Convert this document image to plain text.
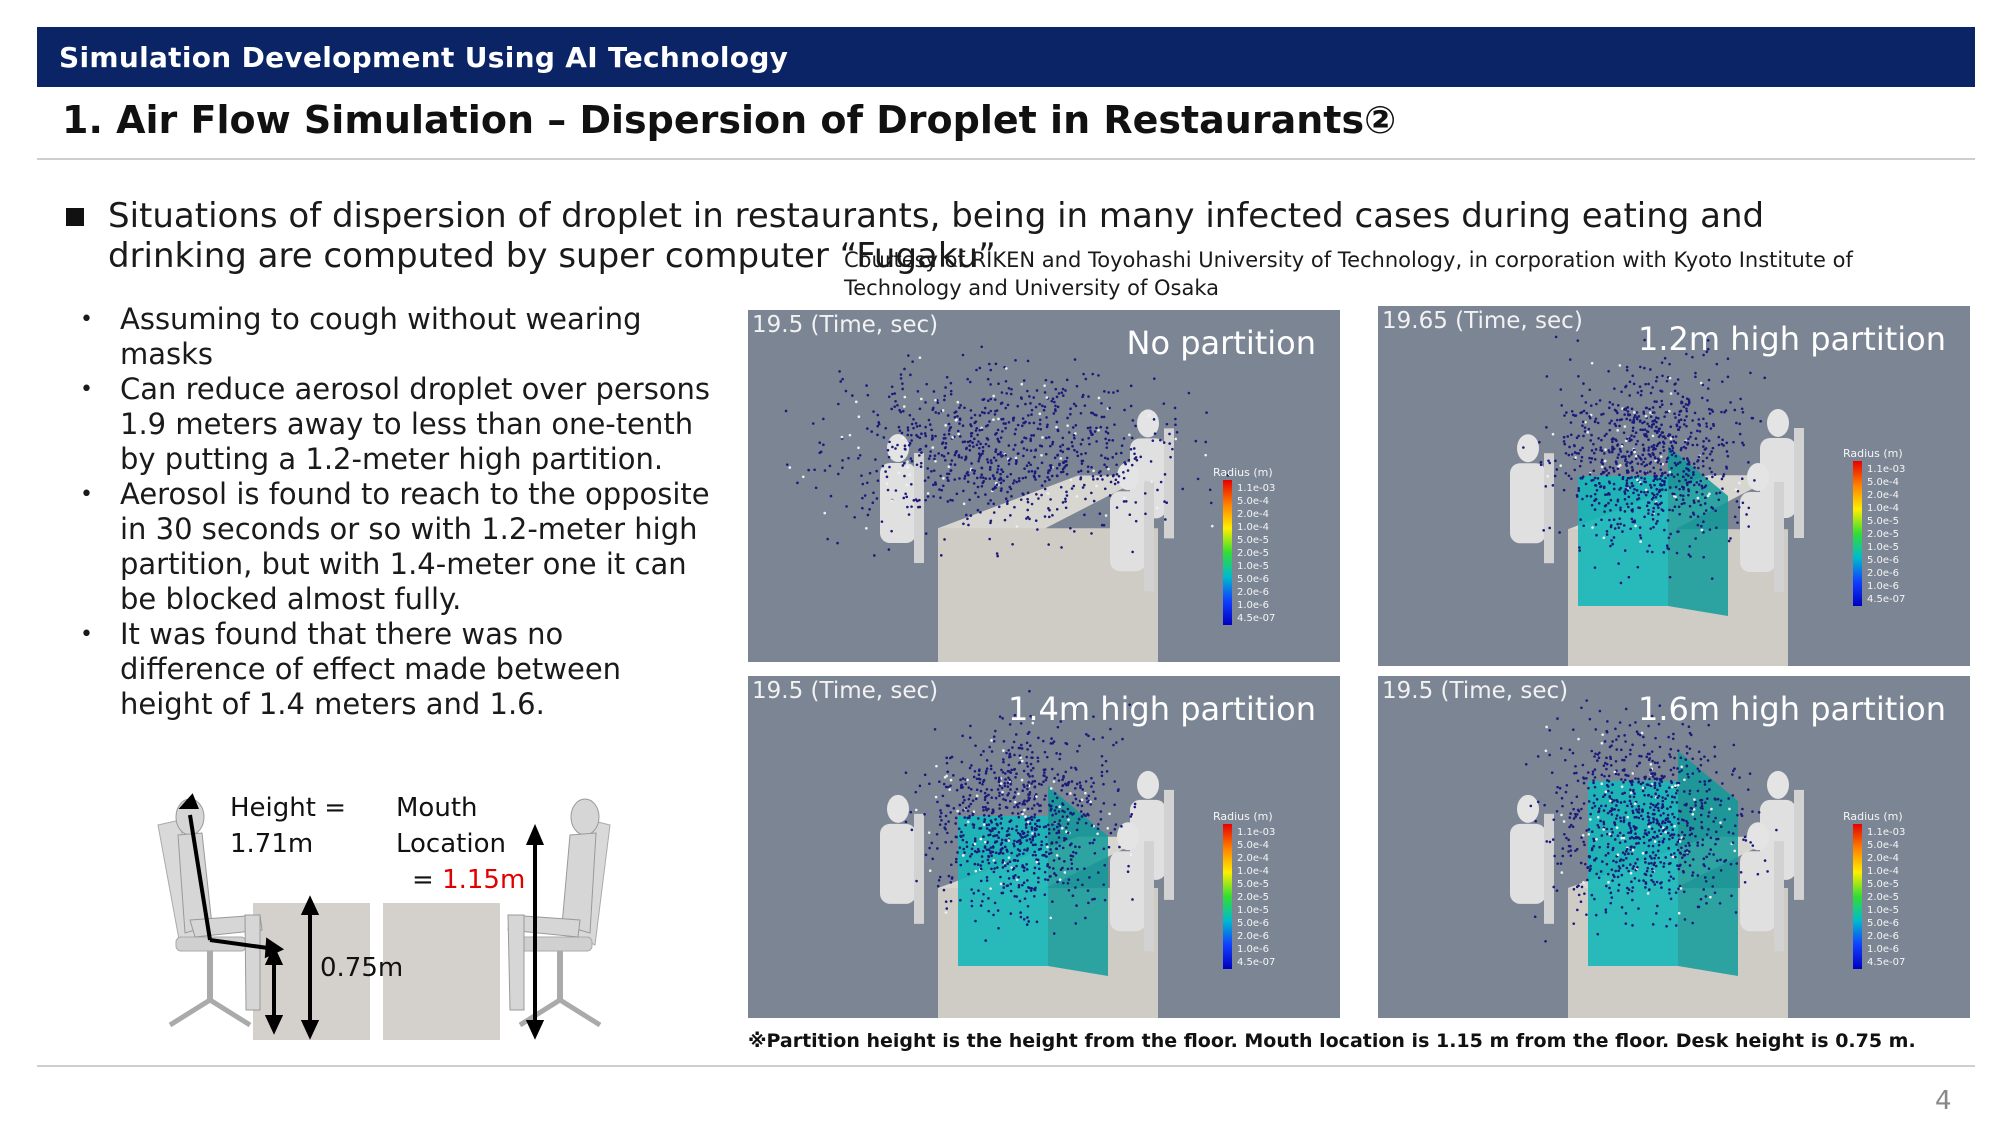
Simulation Development Using AI Technology
1. Air Flow Simulation – Dispersion of Droplet in Restaurants②
Situations of dispersion of droplet in restaurants, being in many infected cases during eating and drinking are computed by super computer “Fugaku”
Courtesy of RIKEN and Toyohashi University of Technology, in corporation with Kyoto Institute of Technology and University of Osaka
• Assuming to cough without wearing masks
• Can reduce aerosol droplet over persons 1.9 meters away to less than one-tenth by putting a 1.2-meter high partition.
• Aerosol is found to reach to the opposite in 30 seconds or so with 1.2-meter high partition, but with 1.4-meter one it can be blocked almost fully.
• It was found that there was no difference of effect made between height of 1.4 meters and 1.6.
Height =
1.71m
Mouth
Location
= 1.15m
0.75m
19.5 (Time, sec)	No partition
Radius (m)
1.1e-03
5.0e-4
2.0e-4
1.0e-4
5.0e-5
2.0e-5
1.0e-5
5.0e-6
2.0e-6
1.0e-6
4.5e-07
19.65 (Time, sec) 1.2m high partition
Radius (m)
1.1e-03
5.0e-4
2.0e-4
1.0e-4
5.0e-5
2.0e-5
1.0e-5
5.0e-6
2.0e-6
1.0e-6
4.5e-07
19.5 (Time, sec) 1.4m high partition
Radius (m)
1.1e-03
5.0e-4
2.0e-4
1.0e-4
5.0e-5
2.0e-5
1.0e-5
5.0e-6
2.0e-6
1.0e-6
4.5e-07
19.5 (Time, sec) 1.6m high partition
Radius (m)
1.1e-03
5.0e-4
2.0e-4
1.0e-4
5.0e-5
2.0e-5
1.0e-5
5.0e-6
2.0e-6
1.0e-6
4.5e-07
※Partition height is the height from the floor. Mouth location is 1.15 m from the floor. Desk height is 0.75 m.
4
